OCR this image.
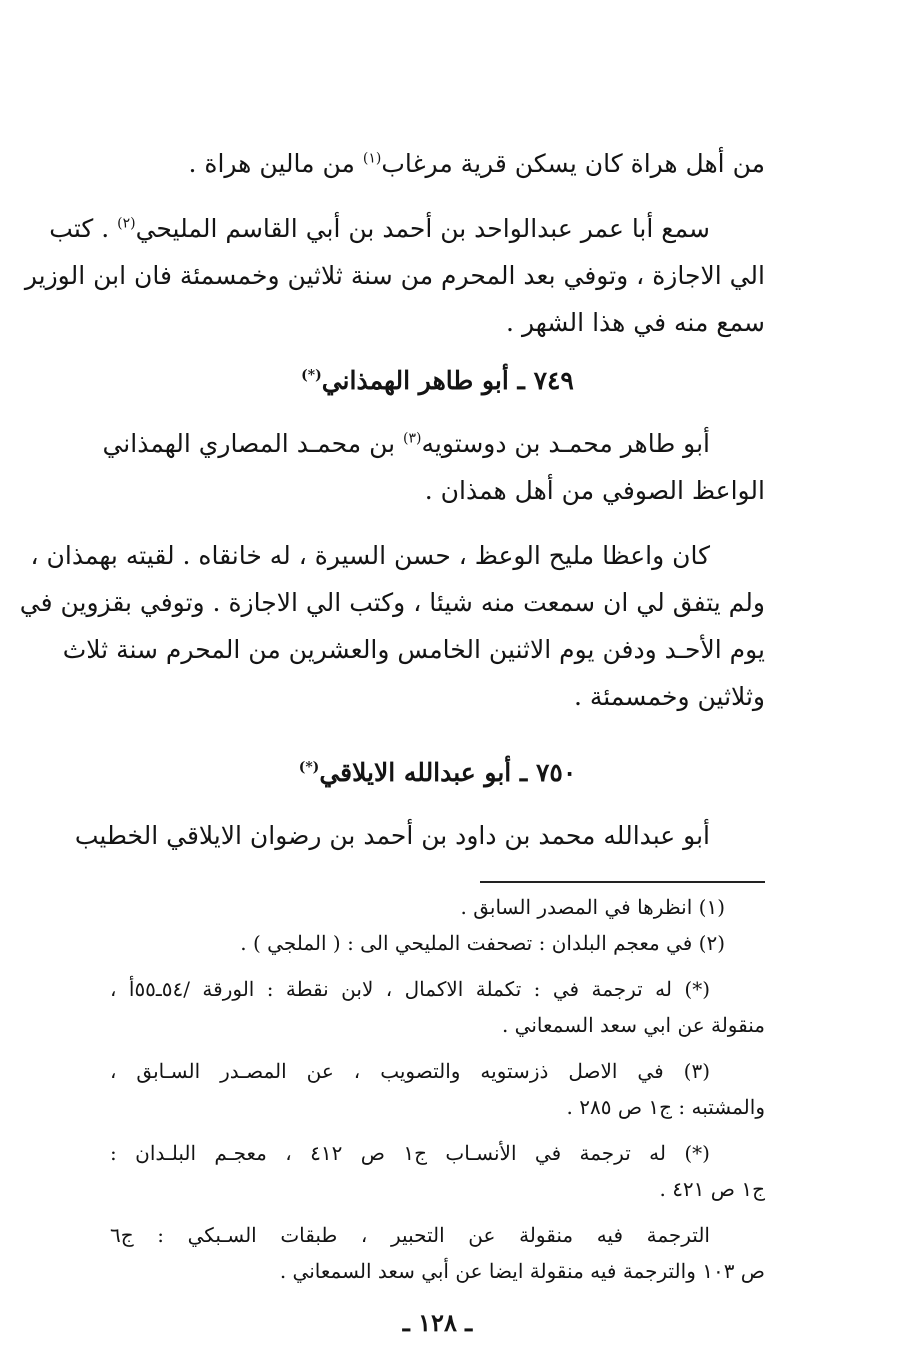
من أهل هراة كان يسكن قرية مرغاب$^{(١)}$ من مالين هراة .
سمع أبا عمر عبدالواحد بن أحمد بن أبي القاسم المليحي$^{(٢)}$ . كتب
الي الاجازة ، وتوفي بعد المحرم من سنة ثلاثين وخمسمئة فان ابن الوزير
سمع منه في هذا الشهر .
٧٤٩ ـ أبو طاهر الهمذاني(*)
أبو طاهر محمـد بن دوستويه$^{(٣)}$ بن محمـد المصاري الهمذاني
الواعظ الصوفي من أهل همذان .
كان واعظا مليح الوعظ ، حسن السيرة ، له خانقاه . لقيته بهمذان ،
ولم يتفق لي ان سمعت منه شيئا ، وكتب الي الاجازة . وتوفي بقزوين في
يوم الأحـد ودفن يوم الاثنين الخامس والعشرين من المحرم سنة ثلاث
وثلاثين وخمسمئة .
٧٥٠ ـ أبو عبدالله الايلاقي(*)
أبو عبدالله محمد بن داود بن أحمد بن رضوان الايلاقي الخطيب
(١) انظرها في المصدر السابق .
(٢) في معجم البلدان : تصحفت المليحي الى : ( الملجي ) .
(*) له ترجمة في : تكملة الاكمال ، لابن نقطة : الورقة /٥٤ـ٥٥أ ،
منقولة عن ابي سعد السمعاني .
(٣) في الاصل ذزستويه والتصويب ، عن المصـدر السـابق ،
والمشتبه : ج١ ص ٢٨٥ .
(*) له ترجمة في الأنسـاب ج١ ص ٤١٢ ، معجـم البلـدان :
ج١ ص ٤٢١ .
الترجمة فيه منقولة عن التحبير ، طبقات السـبكي : ج٦
ص ١٠٣ والترجمة فيه منقولة ايضا عن أبي سعد السمعاني .
ـ ١٢٨ ـ
